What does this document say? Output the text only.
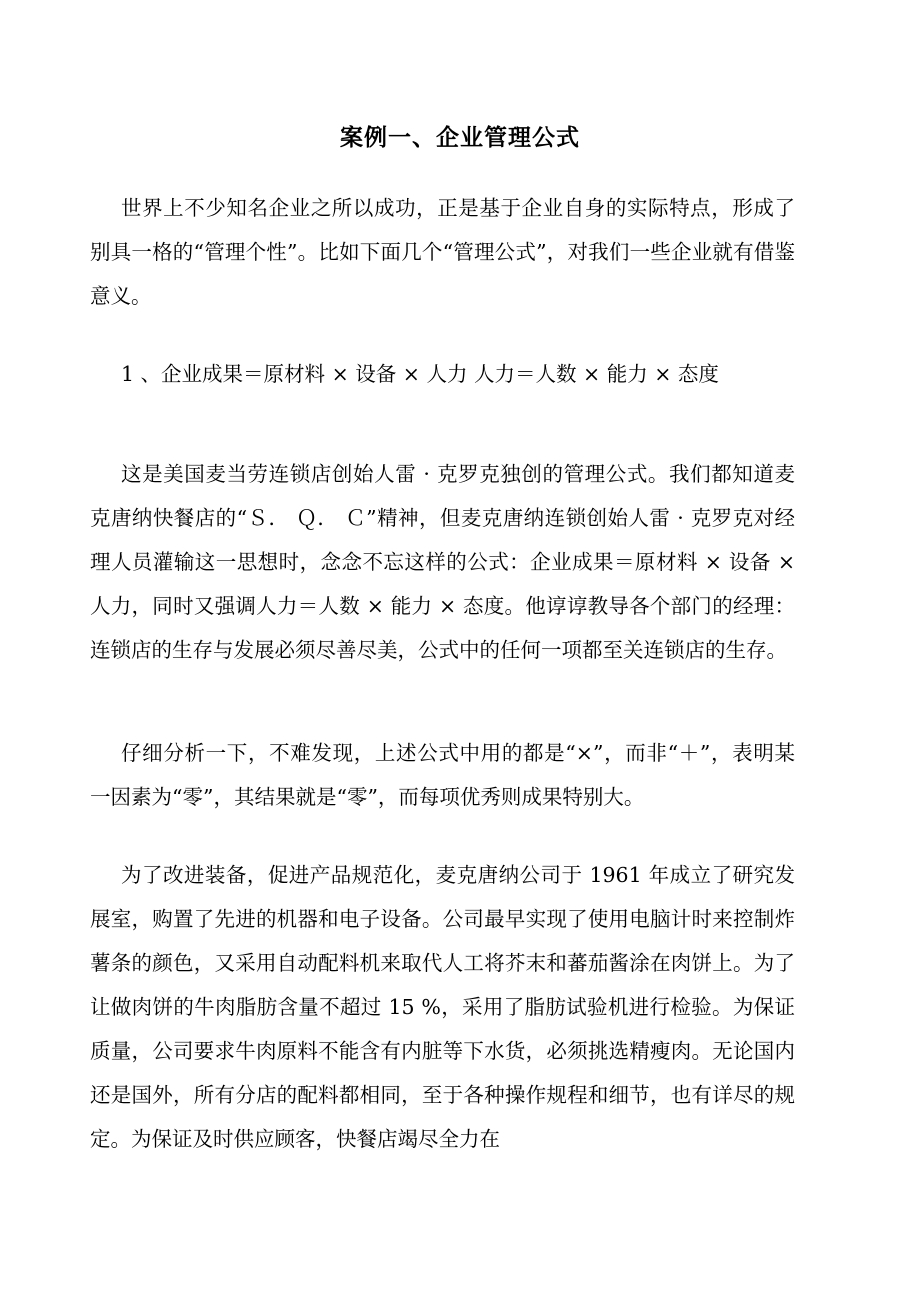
案例一、企业管理公式

世界上不少知名企业之所以成功，正是基于企业自身的实际特点，形成了别具一格的“管理个性”。比如下面几个“管理公式”，对我们一些企业就有借鉴意义。

1 、企业成果＝原材料 × 设备 × 人力 人力＝人数 × 能力 × 态度

这是美国麦当劳连锁店创始人雷 · 克罗克独创的管理公式。我们都知道麦克唐纳快餐店的“Ｓ． Ｑ． Ｃ”精神，但麦克唐纳连锁创始人雷 · 克罗克对经理人员灌输这一思想时，念念不忘这样的公式：企业成果＝原材料 × 设备 × 人力，同时又强调人力＝人数 × 能力 × 态度。他谆谆教导各个部门的经理：连锁店的生存与发展必须尽善尽美，公式中的任何一项都至关连锁店的生存。

仔细分析一下，不难发现，上述公式中用的都是“×”，而非“＋”，表明某一因素为“零”，其结果就是“零”，而每项优秀则成果特别大。

为了改进装备，促进产品规范化，麦克唐纳公司于 1961 年成立了研究发展室，购置了先进的机器和电子设备。公司最早实现了使用电脑计时来控制炸薯条的颜色，又采用自动配料机来取代人工将芥末和蕃茄酱涂在肉饼上。为了让做肉饼的牛肉脂肪含量不超过 15 %，采用了脂肪试验机进行检验。为保证质量，公司要求牛肉原料不能含有内脏等下水货，必须挑选精瘦肉。无论国内还是国外，所有分店的配料都相同，至于各种操作规程和细节，也有详尽的规定。为保证及时供应顾客，快餐店竭尽全力在
